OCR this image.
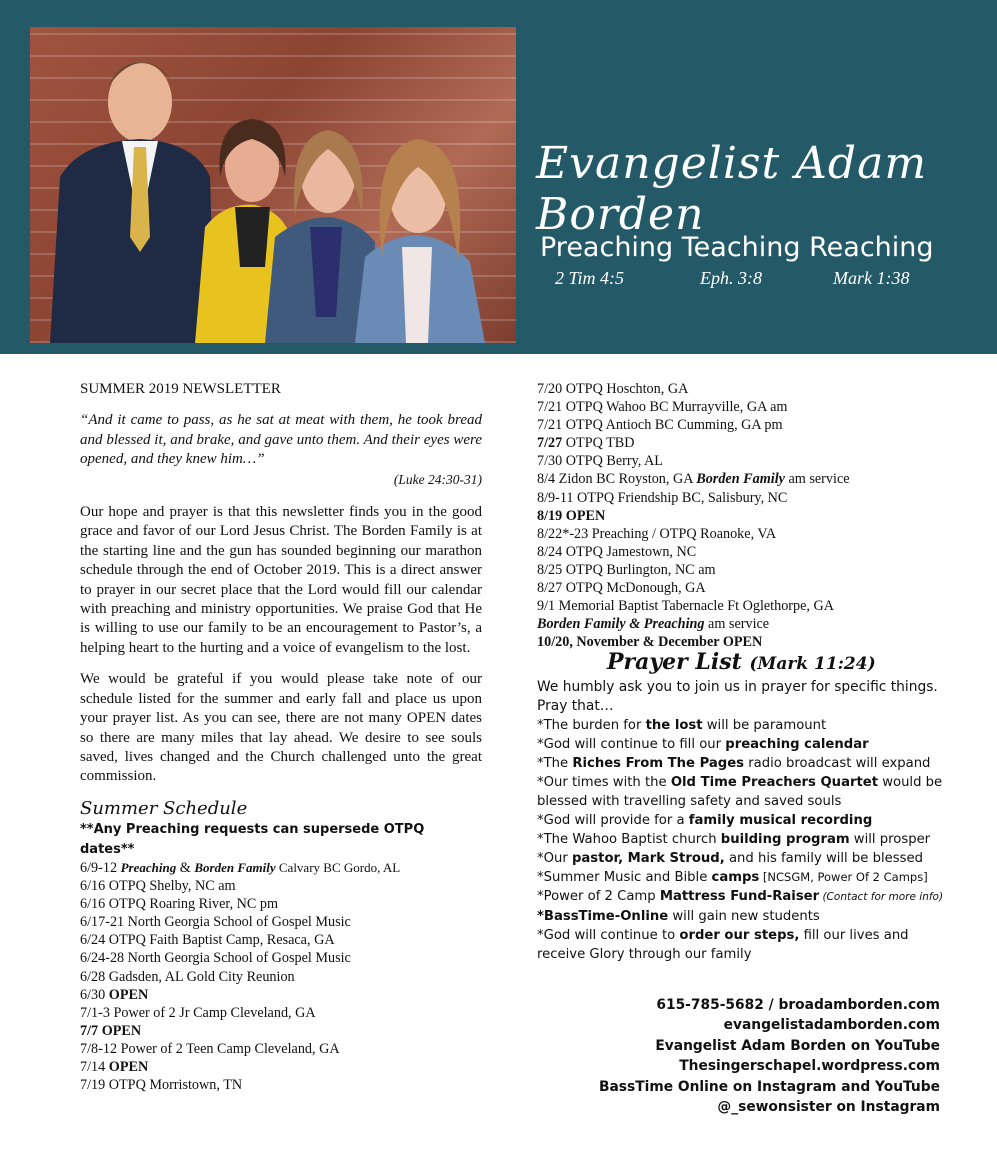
Evangelist Adam Borden
Preaching Teaching Reaching
2 Tim 4:5	Eph. 3:8	Mark 1:38

SUMMER 2019 NEWSLETTER

“And it came to pass, as he sat at meat with them, he took bread and blessed it, and brake, and gave unto them. And their eyes were opened, and they knew him…”

(Luke 24:30-31)

Our hope and prayer is that this newsletter finds you in the good grace and favor of our Lord Jesus Christ. The Borden Family is at the starting line and the gun has sounded beginning our marathon schedule through the end of October 2019. This is a direct answer to prayer in our secret place that the Lord would fill our calendar with preaching and ministry opportunities. We praise God that He is willing to use our family to be an encouragement to Pastor’s, a helping heart to the hurting and a voice of evangelism to the lost.

We would be grateful if you would please take note of our schedule listed for the summer and early fall and place us upon your prayer list. As you can see, there are not many OPEN dates so there are many miles that lay ahead. We desire to see souls saved, lives changed and the Church challenged unto the great commission.

Summer Schedule

**Any Preaching requests can supersede OTPQ dates**

6/9-12 Preaching & Borden Family Calvary BC Gordo, AL
6/16 OTPQ Shelby, NC am
6/16 OTPQ Roaring River, NC pm
6/17-21 North Georgia School of Gospel Music
6/24 OTPQ Faith Baptist Camp, Resaca, GA
6/24-28 North Georgia School of Gospel Music
6/28 Gadsden, AL Gold City Reunion
6/30 OPEN
7/1-3 Power of 2 Jr Camp Cleveland, GA
7/7 OPEN
7/8-12 Power of 2 Teen Camp Cleveland, GA
7/14 OPEN
7/19 OTPQ Morristown, TN
7/20 OTPQ Hoschton, GA
7/21 OTPQ Wahoo BC Murrayville, GA am
7/21 OTPQ Antioch BC Cumming, GA pm
7/27 OTPQ TBD
7/30 OTPQ Berry, AL
8/4 Zidon BC Royston, GA Borden Family am service
8/9-11 OTPQ Friendship BC, Salisbury, NC
8/19 OPEN
8/22*-23 Preaching / OTPQ Roanoke, VA
8/24 OTPQ Jamestown, NC
8/25 OTPQ Burlington, NC am
8/27 OTPQ McDonough, GA
9/1 Memorial Baptist Tabernacle Ft Oglethorpe, GA
Borden Family & Preaching am service
10/20, November & December OPEN
Prayer List (Mark 11:24)

We humbly ask you to join us in prayer for specific things. Pray that…

*The burden for the lost will be paramount
*God will continue to fill our preaching calendar
*The Riches From The Pages radio broadcast will expand
*Our times with the Old Time Preachers Quartet would be blessed with travelling safety and saved souls
*God will provide for a family musical recording
*The Wahoo Baptist church building program will prosper
*Our pastor, Mark Stroud, and his family will be blessed
*Summer Music and Bible camps [NCSGM, Power Of 2 Camps]
*Power of 2 Camp Mattress Fund-Raiser (Contact for more info)
*BassTime-Online will gain new students
*God will continue to order our steps, fill our lives and receive Glory through our family
615-785-5682 / broadamborden.com
evangelistadamborden.com
Evangelist Adam Borden on YouTube
Thesingerschapel.wordpress.com
BassTime Online on Instagram and YouTube
@_sewonsister on Instagram
